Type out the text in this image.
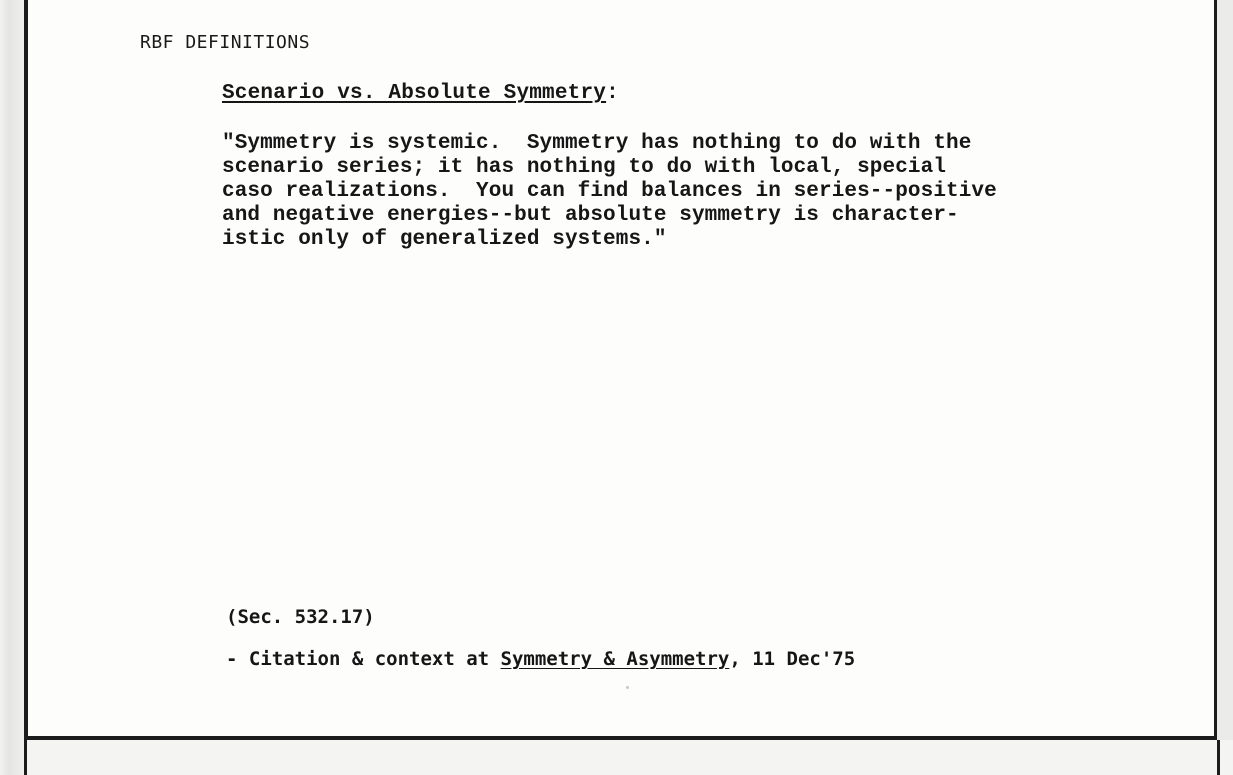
RBF DEFINITIONS
Scenario vs. Absolute Symmetry:
"Symmetry is systemic.  Symmetry has nothing to do with the
scenario series; it has nothing to do with local, special
caso realizations.  You can find balances in series--positive
and negative energies--but absolute symmetry is character-
istic only of generalized systems."
(Sec. 532.17)
- Citation & context at Symmetry & Asymmetry, 11 Dec'75
